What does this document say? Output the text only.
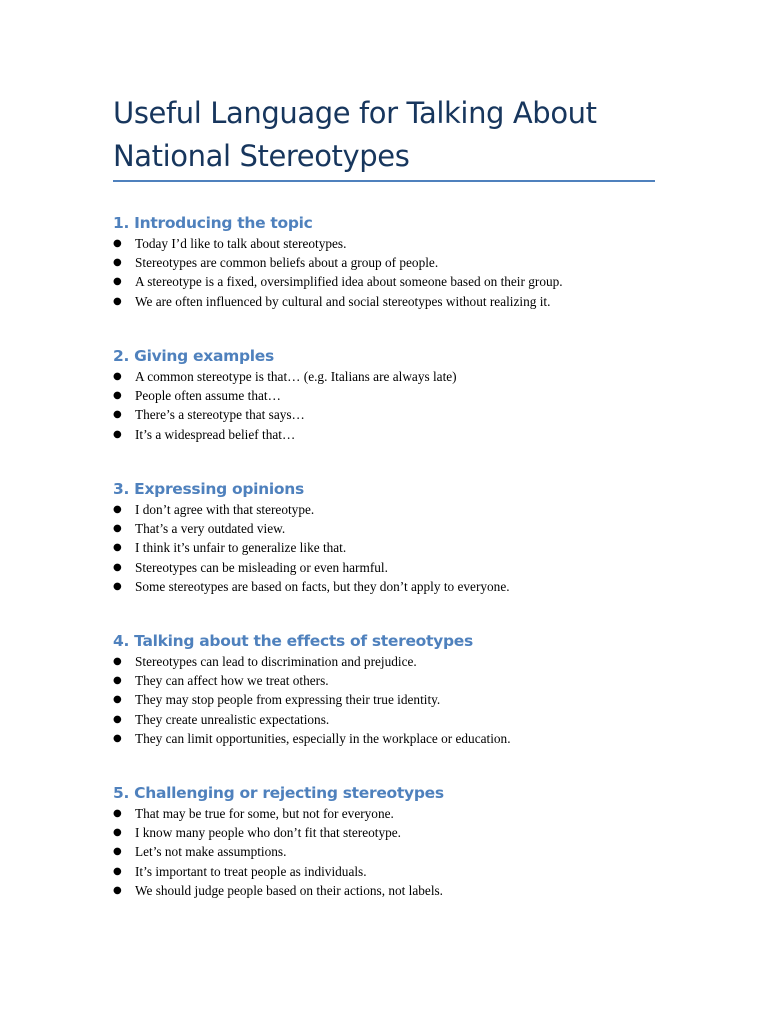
Useful Language for Talking About National Stereotypes
1. Introducing the topic
● Today I’d like to talk about stereotypes.
● Stereotypes are common beliefs about a group of people.
● A stereotype is a fixed, oversimplified idea about someone based on their group.
● We are often influenced by cultural and social stereotypes without realizing it.
2. Giving examples
● A common stereotype is that… (e.g. Italians are always late)
● People often assume that…
● There’s a stereotype that says…
● It’s a widespread belief that…
3. Expressing opinions
● I don’t agree with that stereotype.
● That’s a very outdated view.
● I think it’s unfair to generalize like that.
● Stereotypes can be misleading or even harmful.
● Some stereotypes are based on facts, but they don’t apply to everyone.
4. Talking about the effects of stereotypes
● Stereotypes can lead to discrimination and prejudice.
● They can affect how we treat others.
● They may stop people from expressing their true identity.
● They create unrealistic expectations.
● They can limit opportunities, especially in the workplace or education.
5. Challenging or rejecting stereotypes
● That may be true for some, but not for everyone.
● I know many people who don’t fit that stereotype.
● Let’s not make assumptions.
● It’s important to treat people as individuals.
● We should judge people based on their actions, not labels.
